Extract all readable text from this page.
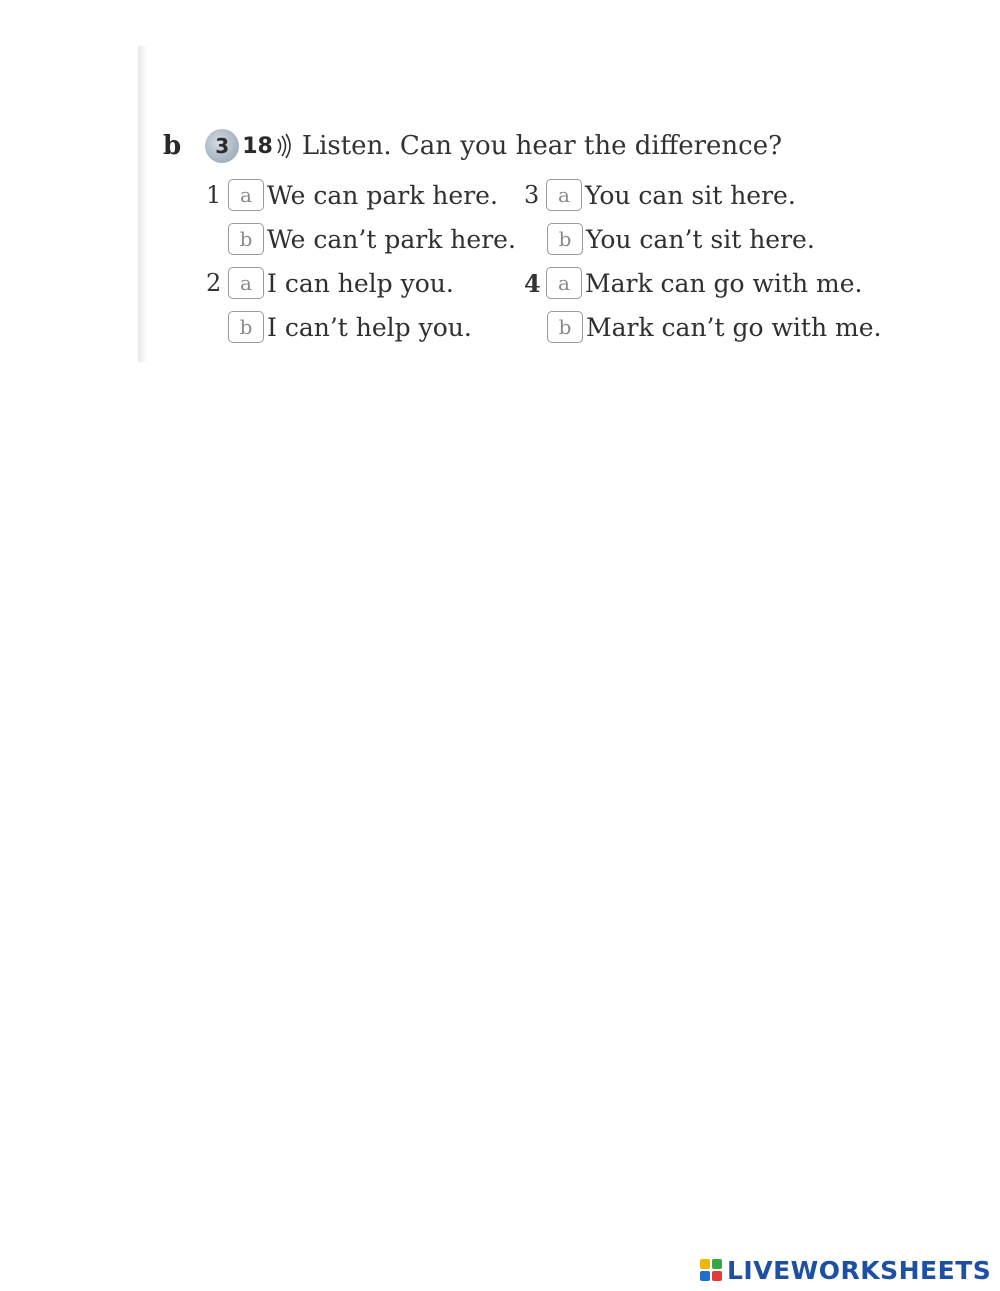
b	3 18 Listen. Can you hear the difference?
1 a We can park here.
b We can’t park here.
2 a I can help you.
b I can’t help you.
3 a You can sit here.
b You can’t sit here.
4 a Mark can go with me.
b Mark can’t go with me.
LIVEWORKSHEETS
